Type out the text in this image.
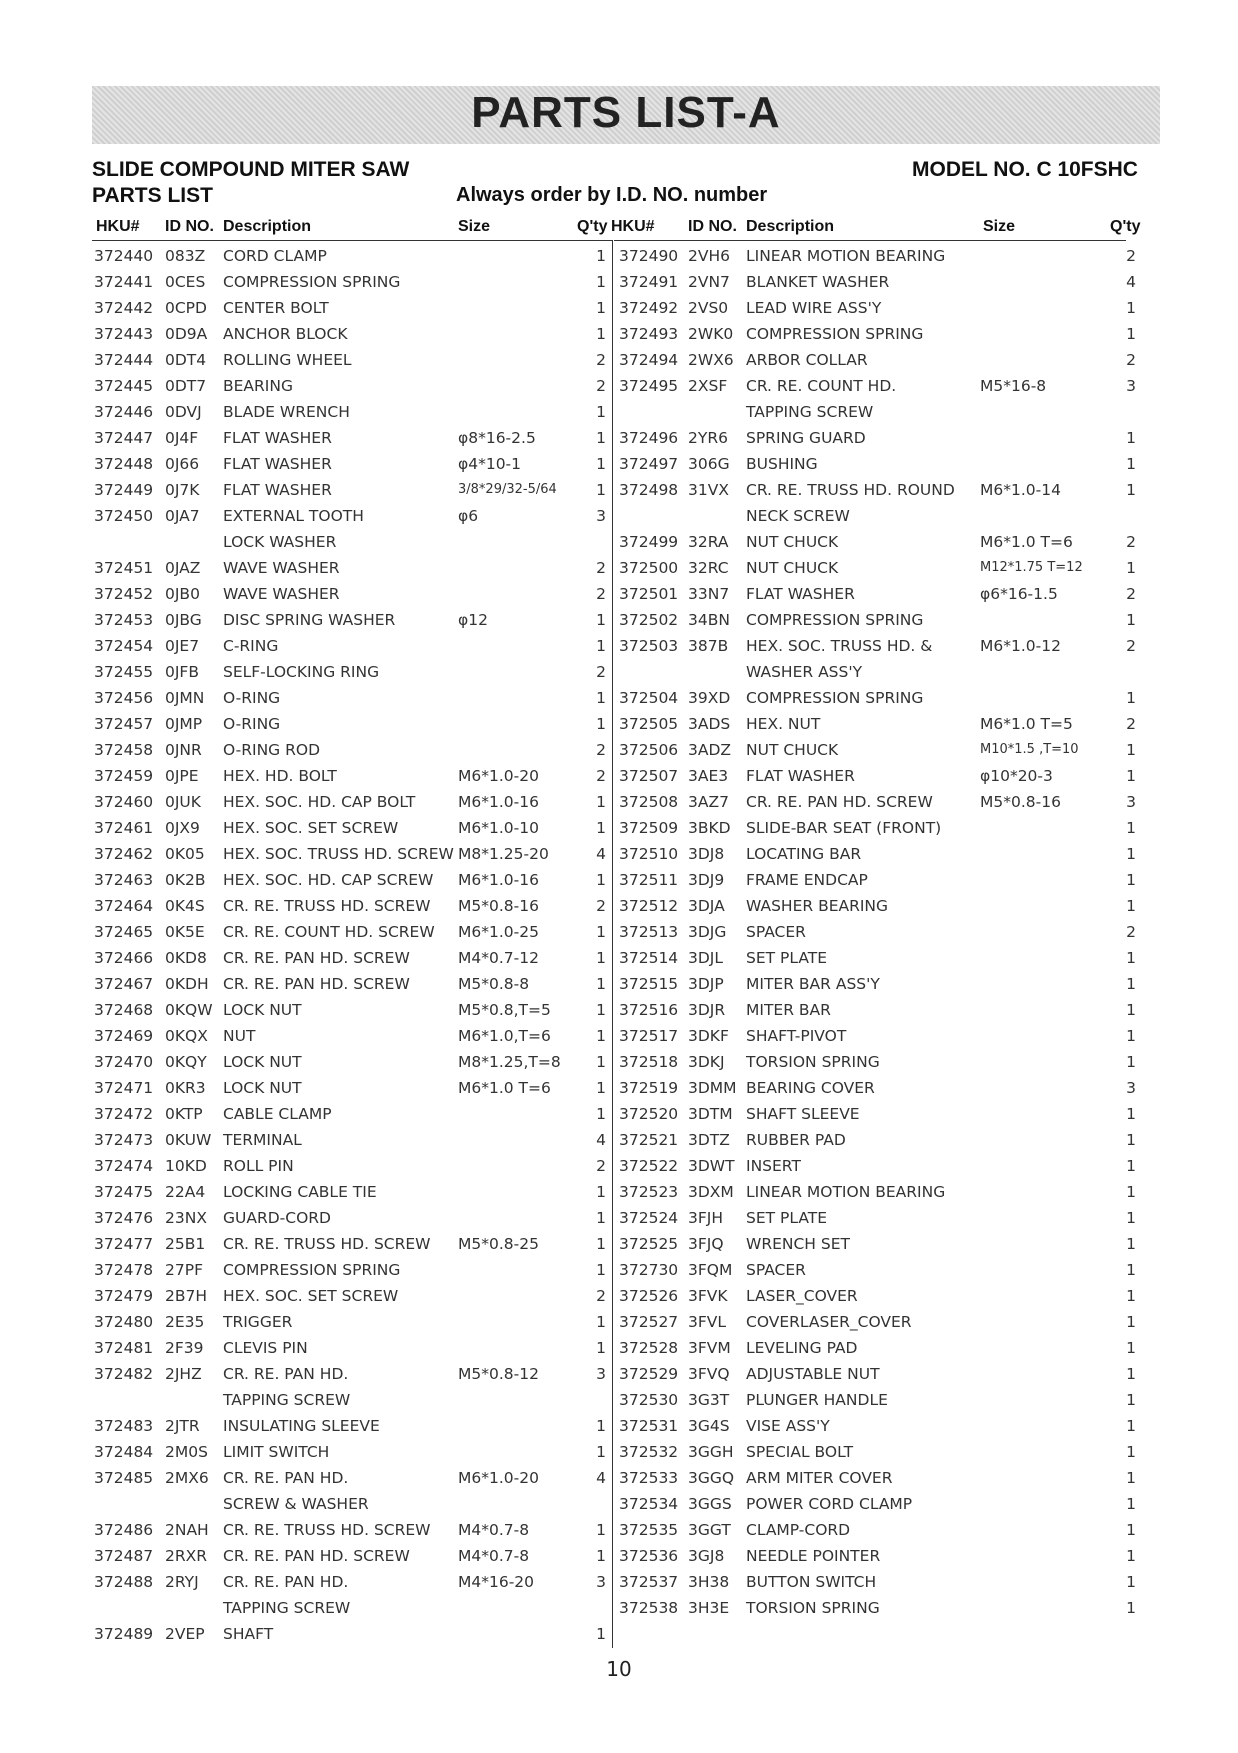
PARTS LIST-A
SLIDE COMPOUND MITER SAW
PARTS LIST	Always order by I.D. NO. number
MODEL NO. C 10FSHC
HKU# ID NO. Description	Size	Q'ty HKU# ID NO. Description	Size	Q'ty
372440 083Z CORD CLAMP	1
372441 0CES COMPRESSION SPRING	1
372442 0CPD CENTER BOLT	1
372443 0D9A ANCHOR BLOCK	1
372444 0DT4 ROLLING WHEEL	2
372445 0DT7 BEARING	2
372446 0DVJ BLADE WRENCH	1
372447 0J4F FLAT WASHER	φ8*16-2.5	1
372448 0J66 FLAT WASHER	φ4*10-1	1
372449 0J7K FLAT WASHER	3/8*29/32-5/64	1
372450 0JA7 EXTERNAL TOOTH	φ6	3
LOCK WASHER
372451 0JAZ WAVE WASHER	2
372452 0JB0 WAVE WASHER	2
372453 0JBG DISC SPRING WASHER	φ12	1
372454 0JE7 C-RING	1
372455 0JFB SELF-LOCKING RING	2
372456 0JMN O-RING	1
372457 0JMP O-RING	1
372458 0JNR O-RING ROD	2
372459 0JPE HEX. HD. BOLT	M6*1.0-20	2
372460 0JUK HEX. SOC. HD. CAP BOLT	M6*1.0-16	1
372461 0JX9 HEX. SOC. SET SCREW	M6*1.0-10	1
372462 0K05 HEX. SOC. TRUSS HD. SCREW M8*1.25-20	4
372463 0K2B HEX. SOC. HD. CAP SCREW M6*1.0-16	1
372464 0K4S CR. RE. TRUSS HD. SCREW M5*0.8-16	2
372465 0K5E CR. RE. COUNT HD. SCREW M6*1.0-25	1
372466 0KD8 CR. RE. PAN HD. SCREW	M4*0.7-12	1
372467 0KDH CR. RE. PAN HD. SCREW	M5*0.8-8	1
372468 0KQW LOCK NUT	M5*0.8,T=5	1
372469 0KQX NUT	M6*1.0,T=6	1
372470 0KQY LOCK NUT	M8*1.25,T=8	1
372471 0KR3 LOCK NUT	M6*1.0 T=6	1
372472 0KTP CABLE CLAMP	1
372473 0KUW TERMINAL	4
372474 10KD ROLL PIN	2
372475 22A4 LOCKING CABLE TIE	1
372476 23NX GUARD-CORD	1
372477 25B1 CR. RE. TRUSS HD. SCREW M5*0.8-25	1
372478 27PF COMPRESSION SPRING	1
372479 2B7H HEX. SOC. SET SCREW	2
372480 2E35 TRIGGER	1
372481 2F39 CLEVIS PIN	1
372482 2JHZ CR. RE. PAN HD.	M5*0.8-12	3
TAPPING SCREW
372483 2JTR INSULATING SLEEVE	1
372484 2M0S LIMIT SWITCH	1
372485 2MX6 CR. RE. PAN HD.	M6*1.0-20	4
SCREW & WASHER
372486 2NAH CR. RE. TRUSS HD. SCREW M4*0.7-8	1
372487 2RXR CR. RE. PAN HD. SCREW	M4*0.7-8	1
372488 2RYJ CR. RE. PAN HD.	M4*16-20	3
TAPPING SCREW
372489 2VEP SHAFT	1
372490 2VH6 LINEAR MOTION BEARING	2
372491 2VN7 BLANKET WASHER	4
372492 2VS0 LEAD WIRE ASS'Y	1
372493 2WK0 COMPRESSION SPRING	1
372494 2WX6 ARBOR COLLAR	2
372495 2XSF CR. RE. COUNT HD.	M5*16-8	3
TAPPING SCREW
372496 2YR6 SPRING GUARD	1
372497 306G BUSHING	1
372498 31VX CR. RE. TRUSS HD. ROUND M6*1.0-14	1
NECK SCREW
372499 32RA NUT CHUCK	M6*1.0 T=6	2
372500 32RC NUT CHUCK	M12*1.75 T=12	1
372501 33N7 FLAT WASHER	φ6*16-1.5	2
372502 34BN COMPRESSION SPRING	1
372503 387B HEX. SOC. TRUSS HD. &	M6*1.0-12	2
WASHER ASS'Y
372504 39XD COMPRESSION SPRING	1
372505 3ADS HEX. NUT	M6*1.0 T=5	2
372506 3ADZ NUT CHUCK	M10*1.5 ,T=10	1
372507 3AE3 FLAT WASHER	φ10*20-3	1
372508 3AZ7 CR. RE. PAN HD. SCREW	M5*0.8-16	3
372509 3BKD SLIDE-BAR SEAT (FRONT)	1
372510 3DJ8 LOCATING BAR	1
372511 3DJ9 FRAME ENDCAP	1
372512 3DJA WASHER BEARING	1
372513 3DJG SPACER	2
372514 3DJL SET PLATE	1
372515 3DJP MITER BAR ASS'Y	1
372516 3DJR MITER BAR	1
372517 3DKF SHAFT-PIVOT	1
372518 3DKJ TORSION SPRING	1
372519 3DMM BEARING COVER	3
372520 3DTM SHAFT SLEEVE	1
372521 3DTZ RUBBER PAD	1
372522 3DWT INSERT	1
372523 3DXM LINEAR MOTION BEARING	1
372524 3FJH SET PLATE	1
372525 3FJQ WRENCH SET	1
372730 3FQM SPACER	1
372526 3FVK LASER_COVER	1
372527 3FVL COVERLASER_COVER	1
372528 3FVM LEVELING PAD	1
372529 3FVQ ADJUSTABLE NUT	1
372530 3G3T PLUNGER HANDLE	1
372531 3G4S VISE ASS'Y	1
372532 3GGH SPECIAL BOLT	1
372533 3GGQ ARM MITER COVER	1
372534 3GGS POWER CORD CLAMP	1
372535 3GGT CLAMP-CORD	1
372536 3GJ8 NEEDLE POINTER	1
372537 3H38 BUTTON SWITCH	1
372538 3H3E TORSION SPRING	1
10
